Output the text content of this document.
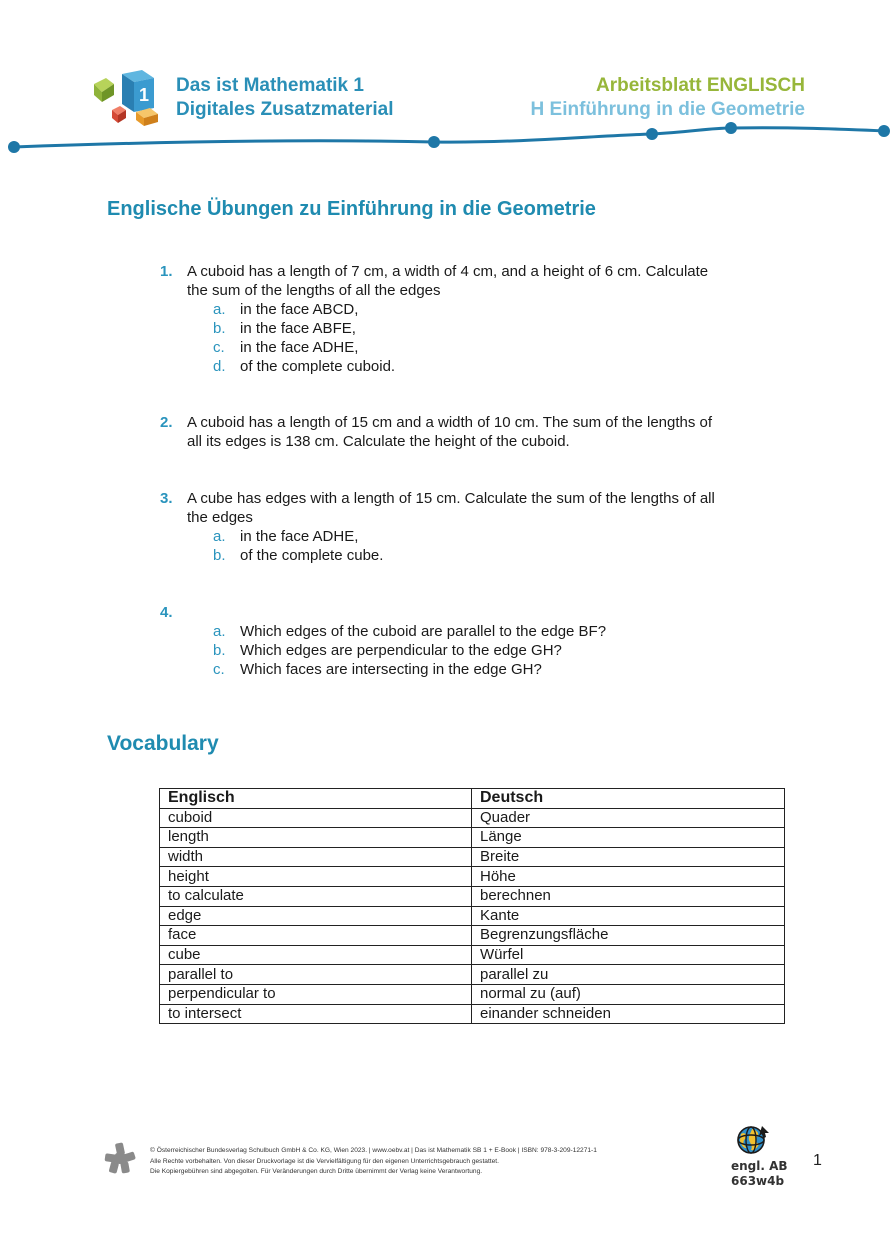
1 Das ist Mathematik 1
Digitales Zusatzmaterial
Arbeitsblatt ENGLISCH
H Einführung in die Geometrie
Englische Übungen zu Einführung in die Geometrie
1. A cuboid has a length of 7 cm, a width of 4 cm, and a height of 6 cm. Calculate
the sum of the lengths of all the edges
a. in the face ABCD,
b. in the face ABFE,
c. in the face ADHE,
d. of the complete cuboid.
2. A cuboid has a length of 15 cm and a width of 10 cm. The sum of the lengths of
all its edges is 138 cm. Calculate the height of the cuboid.
3. A cube has edges with a length of 15 cm. Calculate the sum of the lengths of all
the edges
a. in the face ADHE,
b. of the complete cube.
4.
a. Which edges of the cuboid are parallel to the edge BF?
b. Which edges are perpendicular to the edge GH?
c. Which faces are intersecting in the edge GH?
Vocabulary
Englisch	Deutsch
cuboid	Quader
length	Länge
width	Breite
height	Höhe
to calculate	berechnen
edge	Kante
face	Begrenzungsfläche
cube	Würfel
parallel to	parallel zu
perpendicular to	normal zu (auf)
to intersect	einander schneiden
© Österreichischer Bundesverlag Schulbuch GmbH & Co. KG, Wien 2023. | www.oebv.at | Das ist Mathematik SB 1 + E-Book | ISBN: 978-3-209-12271-1
Alle Rechte vorbehalten. Von dieser Druckvorlage ist die Vervielfältigung für den eigenen Unterrichtsgebrauch gestattet.
Die Kopiergebühren sind abgegolten. Für Veränderungen durch Dritte übernimmt der Verlag keine Verantwortung.	engl. AB
663w4b
1
